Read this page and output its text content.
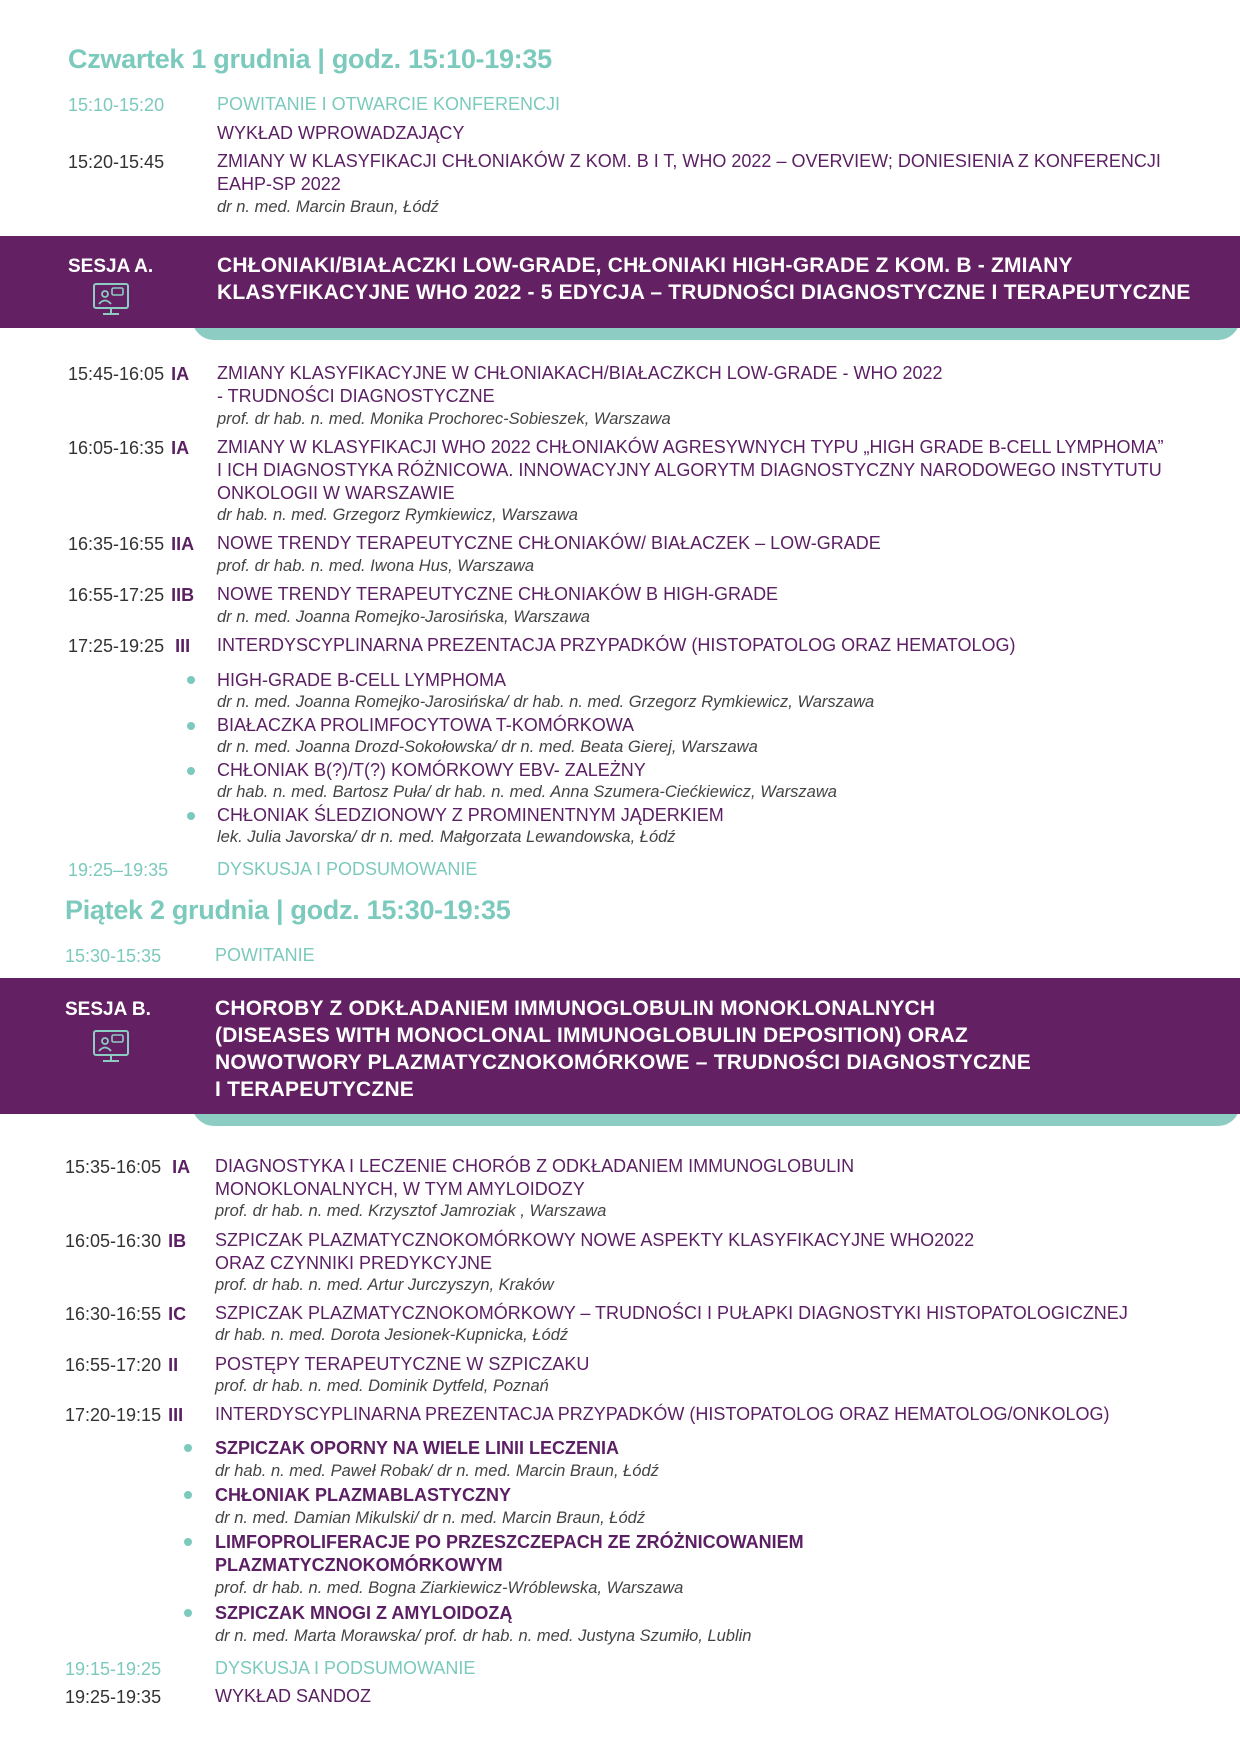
Czwartek 1 grudnia | godz. 15:10-19:35
15:10-15:20	POWITANIE I OTWARCIE KONFERENCJI
WYKŁAD WPROWADZAJĄCY
15:20-15:45	ZMIANY W KLASYFIKACJI CHŁONIAKÓW Z KOM. B I T, WHO 2022 – OVERVIEW; DONIESIENIA Z KONFERENCJI
EAHP-SP 2022
dr n. med. Marcin Braun, Łódź
SESJA A.	CHŁONIAKI/BIAŁACZKI LOW-GRADE, CHŁONIAKI HIGH-GRADE Z KOM. B - ZMIANY
KLASYFIKACYJNE WHO 2022 - 5 EDYCJA – TRUDNOŚCI DIAGNOSTYCZNE I TERAPEUTYCZNE
15:45-16:05 IA ZMIANY KLASYFIKACYJNE W CHŁONIAKACH/BIAŁACZKCH LOW-GRADE - WHO 2022
- TRUDNOŚCI DIAGNOSTYCZNE
prof. dr hab. n. med. Monika Prochorec-Sobieszek, Warszawa
16:05-16:35 IA ZMIANY W KLASYFIKACJI WHO 2022 CHŁONIAKÓW AGRESYWNYCH TYPU „HIGH GRADE B-CELL LYMPHOMA”
I ICH DIAGNOSTYKA RÓŻNICOWA. INNOWACYJNY ALGORYTM DIAGNOSTYCZNY NARODOWEGO INSTYTUTU
ONKOLOGII W WARSZAWIE
dr hab. n. med. Grzegorz Rymkiewicz, Warszawa
16:35-16:55 IIA NOWE TRENDY TERAPEUTYCZNE CHŁONIAKÓW/ BIAŁACZEK – LOW-GRADE
prof. dr hab. n. med. Iwona Hus, Warszawa
16:55-17:25 IIB NOWE TRENDY TERAPEUTYCZNE CHŁONIAKÓW B HIGH-GRADE
dr n. med. Joanna Romejko-Jarosińska, Warszawa
17:25-19:25 III INTERDYSCYPLINARNA PREZENTACJA PRZYPADKÓW (HISTOPATOLOG ORAZ HEMATOLOG)
HIGH-GRADE B-CELL LYMPHOMA
dr n. med. Joanna Romejko-Jarosińska/ dr hab. n. med. Grzegorz Rymkiewicz, Warszawa
BIAŁACZKA PROLIMFOCYTOWA T-KOMÓRKOWA
dr n. med. Joanna Drozd-Sokołowska/ dr n. med. Beata Gierej, Warszawa
CHŁONIAK B(?)/T(?) KOMÓRKOWY EBV- ZALEŻNY
dr hab. n. med. Bartosz Puła/ dr hab. n. med. Anna Szumera-Ciećkiewicz, Warszawa
CHŁONIAK ŚLEDZIONOWY Z PROMINENTNYM JĄDERKIEM
lek. Julia Javorska/ dr n. med. Małgorzata Lewandowska, Łódź
19:25–19:35	DYSKUSJA I PODSUMOWANIE
Piątek 2 grudnia | godz. 15:30-19:35
15:30-15:35	POWITANIE
SESJA B.	CHOROBY Z ODKŁADANIEM IMMUNOGLOBULIN MONOKLONALNYCH
(DISEASES WITH MONOCLONAL IMMUNOGLOBULIN DEPOSITION) ORAZ
NOWOTWORY PLAZMATYCZNOKOMÓRKOWE – TRUDNOŚCI DIAGNOSTYCZNE
I TERAPEUTYCZNE
15:35-16:05 IA DIAGNOSTYKA I LECZENIE CHORÓB Z ODKŁADANIEM IMMUNOGLOBULIN
MONOKLONALNYCH, W TYM AMYLOIDOZY
prof. dr hab. n. med. Krzysztof Jamroziak , Warszawa
16:05-16:30 IB SZPICZAK PLAZMATYCZNOKOMÓRKOWY NOWE ASPEKTY KLASYFIKACYJNE WHO2022
ORAZ CZYNNIKI PREDYKCYJNE
prof. dr hab. n. med. Artur Jurczyszyn, Kraków
16:30-16:55 IC SZPICZAK PLAZMATYCZNOKOMÓRKOWY – TRUDNOŚCI I PUŁAPKI DIAGNOSTYKI HISTOPATOLOGICZNEJ
dr hab. n. med. Dorota Jesionek-Kupnicka, Łódź
16:55-17:20 II POSTĘPY TERAPEUTYCZNE W SZPICZAKU
prof. dr hab. n. med. Dominik Dytfeld, Poznań
17:20-19:15 III INTERDYSCYPLINARNA PREZENTACJA PRZYPADKÓW (HISTOPATOLOG ORAZ HEMATOLOG/ONKOLOG)
SZPICZAK OPORNY NA WIELE LINII LECZENIA
dr hab. n. med. Paweł Robak/ dr n. med. Marcin Braun, Łódź
CHŁONIAK PLAZMABLASTYCZNY
dr n. med. Damian Mikulski/ dr n. med. Marcin Braun, Łódź
LIMFOPROLIFERACJE PO PRZESZCZEPACH ZE ZRÓŻNICOWANIEM
PLAZMATYCZNOKOMÓRKOWYM
prof. dr hab. n. med. Bogna Ziarkiewicz-Wróblewska, Warszawa
SZPICZAK MNOGI Z AMYLOIDOZĄ
dr n. med. Marta Morawska/ prof. dr hab. n. med. Justyna Szumiło, Lublin
19:15-19:25	DYSKUSJA I PODSUMOWANIE
19:25-19:35	WYKŁAD SANDOZ
